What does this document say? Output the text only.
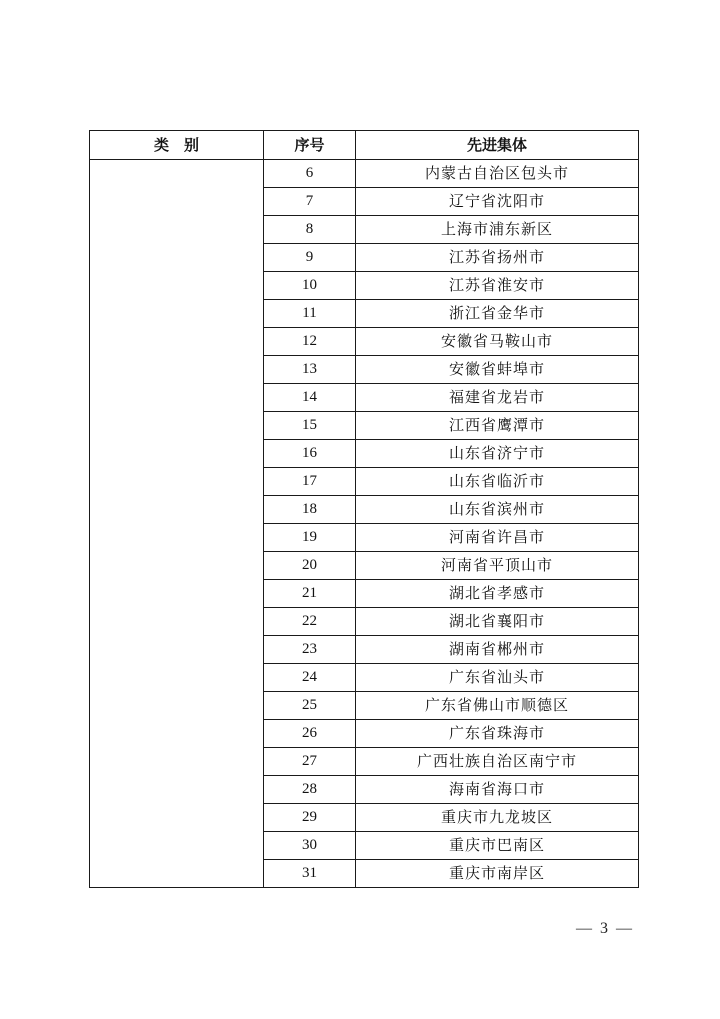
类　别	序号	先进集体
	6	内蒙古自治区包头市
	7	辽宁省沈阳市
	8	上海市浦东新区
	9	江苏省扬州市
	10	江苏省淮安市
	11	浙江省金华市
	12	安徽省马鞍山市
	13	安徽省蚌埠市
	14	福建省龙岩市
	15	江西省鹰潭市
	16	山东省济宁市
	17	山东省临沂市
	18	山东省滨州市
	19	河南省许昌市
	20	河南省平顶山市
	21	湖北省孝感市
	22	湖北省襄阳市
	23	湖南省郴州市
	24	广东省汕头市
	25	广东省佛山市顺德区
	26	广东省珠海市
	27	广西壮族自治区南宁市
	28	海南省海口市
	29	重庆市九龙坡区
	30	重庆市巴南区
	31	重庆市南岸区
— 3 —
